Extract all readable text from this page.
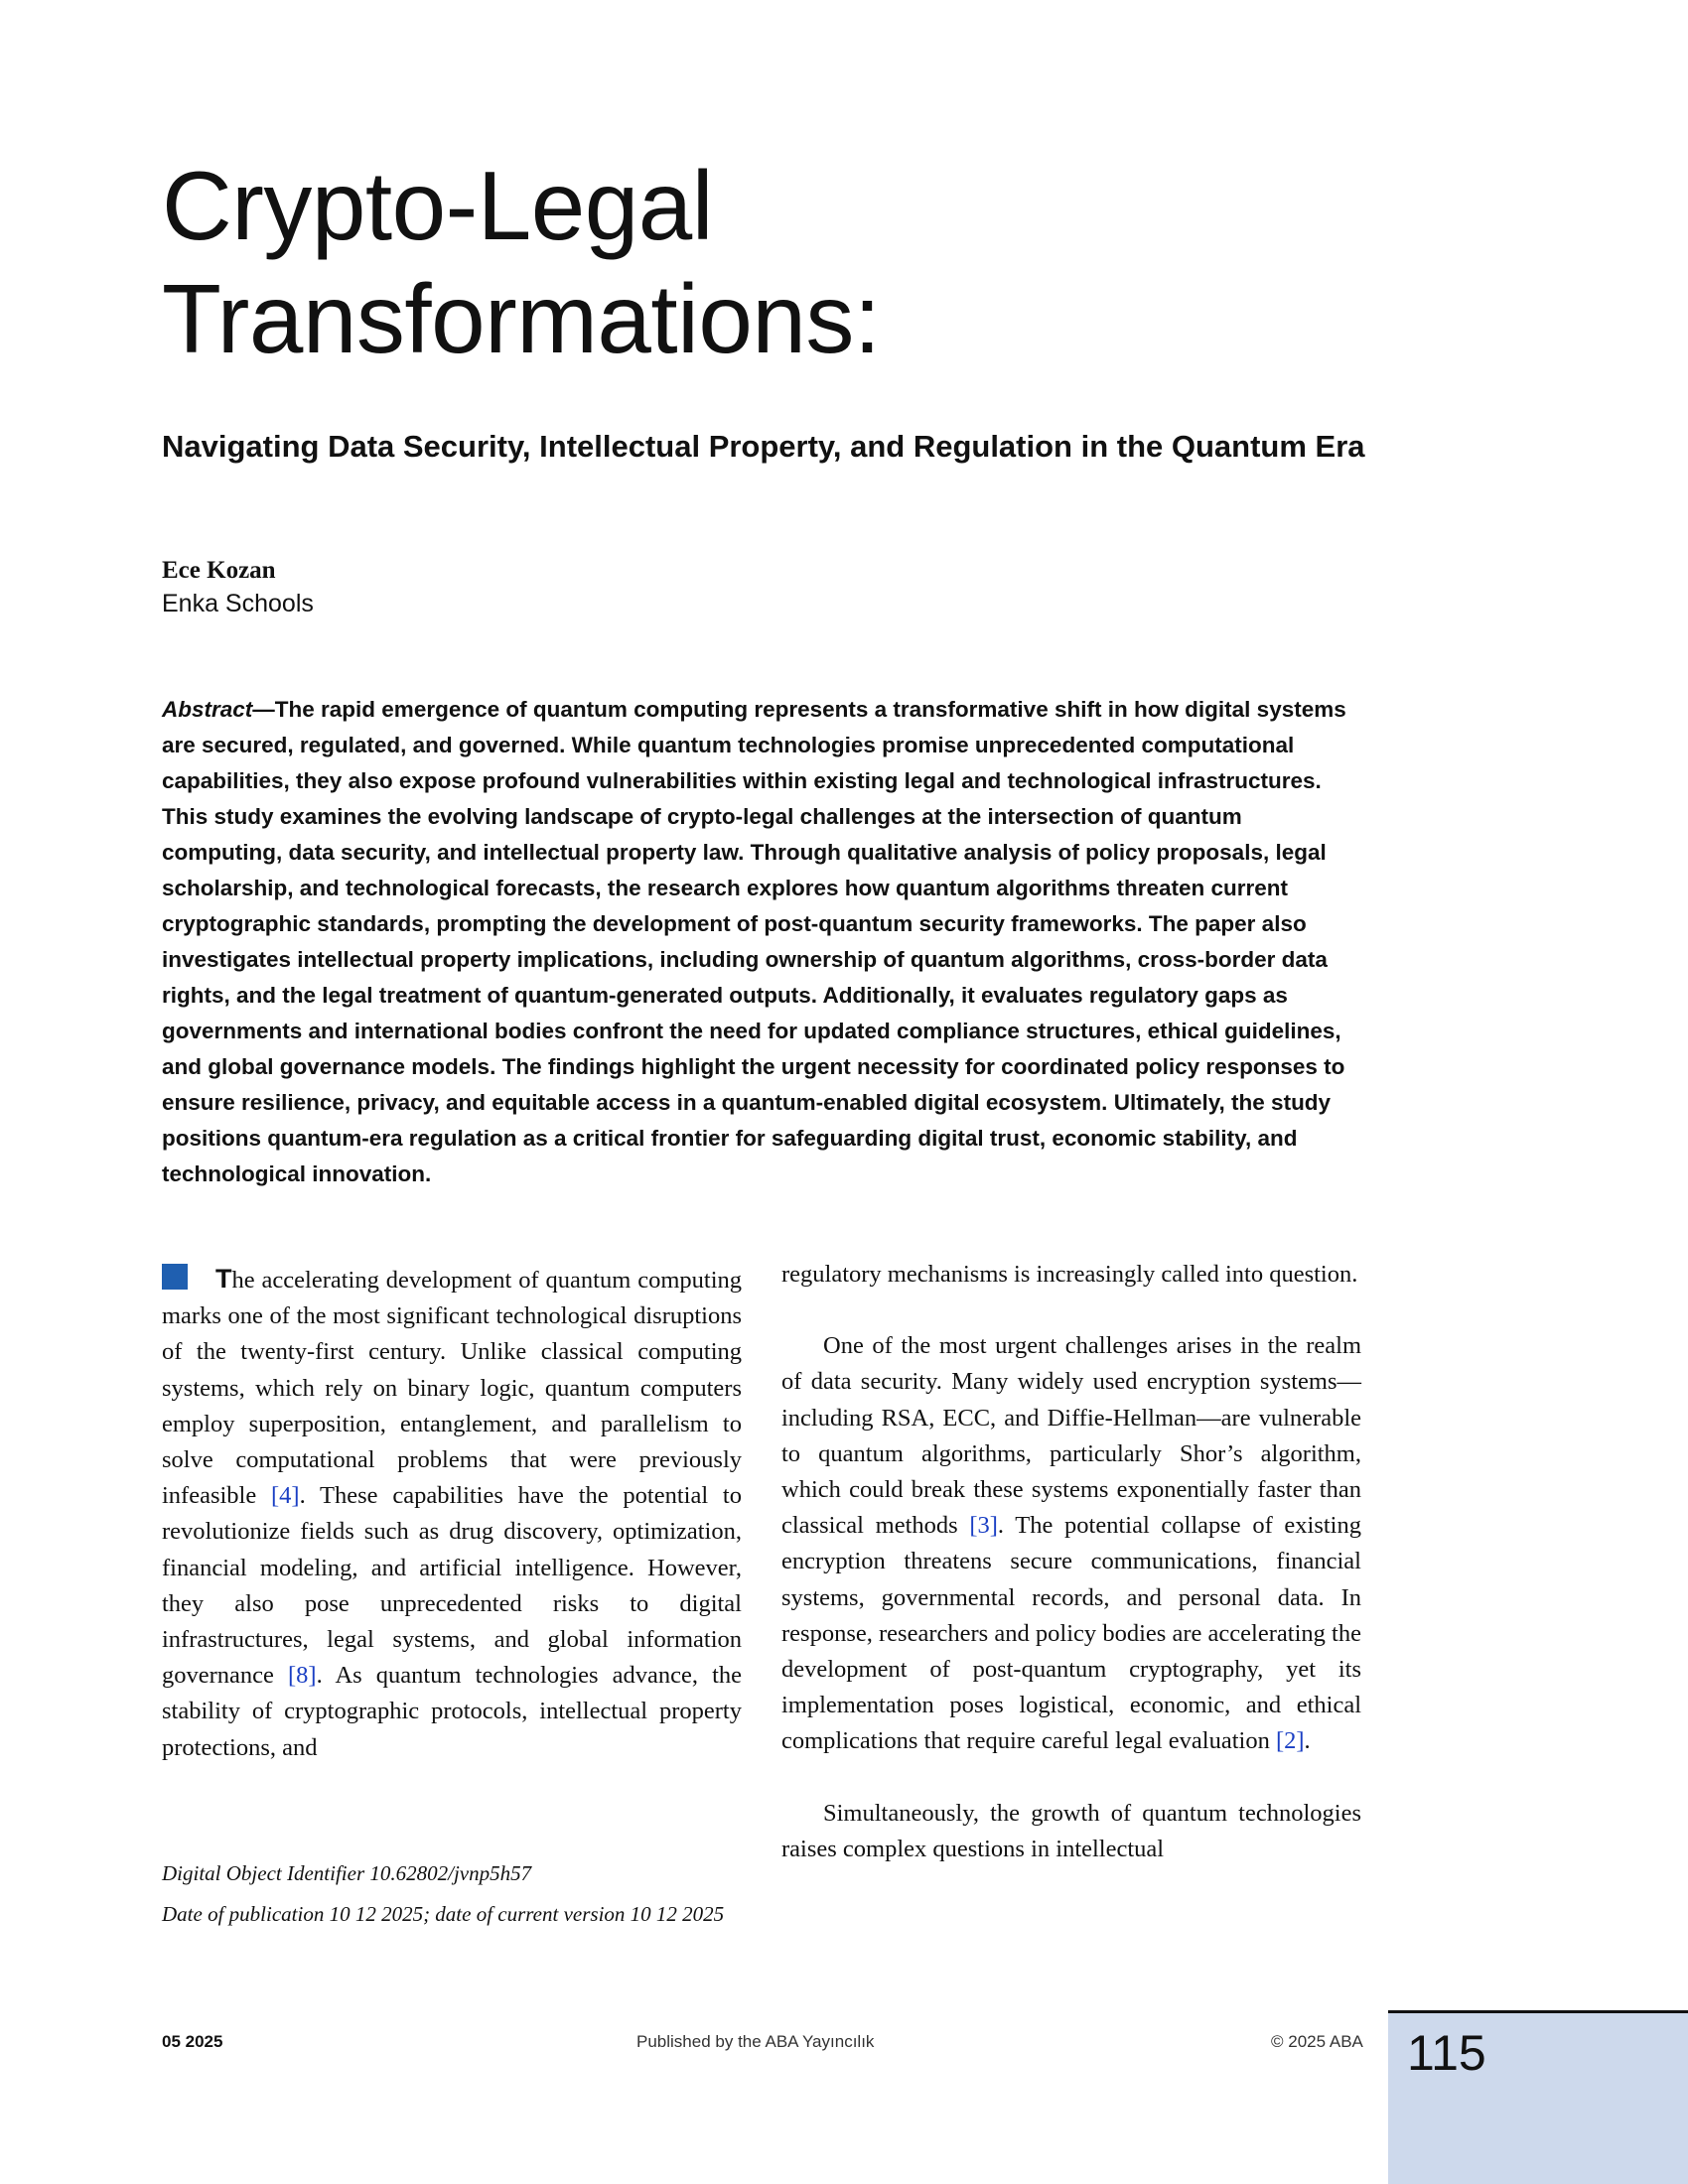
Crypto-Legal
Transformations:
Navigating Data Security, Intellectual Property, and Regulation in the Quantum Era
Ece Kozan
Enka Schools

Abstract—The rapid emergence of quantum computing represents a transformative shift in how digital systems are secured, regulated, and governed. While quantum technologies promise unprecedented computational capabilities, they also expose profound vulnerabilities within existing legal and technological infrastructures. This study examines the evolving landscape of crypto-legal challenges at the intersection of quantum computing, data security, and intellectual property law. Through qualitative analysis of policy proposals, legal scholarship, and technological forecasts, the research explores how quantum algorithms threaten current cryptographic standards, prompting the development of post-quantum security frameworks. The paper also investigates intellectual property implications, including ownership of quantum algorithms, cross-border data rights, and the legal treatment of quantum-generated outputs. Additionally, it evaluates regulatory gaps as governments and international bodies confront the need for updated compliance structures, ethical guidelines, and global governance models. The findings highlight the urgent necessity for coordinated policy responses to ensure resilience, privacy, and equitable access in a quantum-enabled digital ecosystem. Ultimately, the study positions quantum-era regulation as a critical frontier for safeguarding digital trust, economic stability, and technological innovation.

The accelerating development of quantum computing marks one of the most significant technological disruptions of the twenty-first century. Unlike classical computing systems, which rely on binary logic, quantum computers employ superposition, entanglement, and parallelism to solve computational problems that were previously infeasible [4]. These capabilities have the potential to revolutionize fields such as drug discovery, optimization, financial modeling, and artificial intelligence. However, they also pose unprecedented risks to digital infrastructures, legal systems, and global information governance [8]. As quantum technologies advance, the stability of cryptographic protocols, intellectual property protections, and

Digital Object Identifier 10.62802/jvnp5h57
Date of publication 10 12 2025; date of current version 10 12 2025

regulatory mechanisms is increasingly called into question.

One of the most urgent challenges arises in the realm of data security. Many widely used encryption systems—including RSA, ECC, and Diffie-Hellman—are vulnerable to quantum algorithms, particularly Shor’s algorithm, which could break these systems exponentially faster than classical methods [3]. The potential collapse of existing encryption threatens secure communications, financial systems, governmental records, and personal data. In response, researchers and policy bodies are accelerating the development of post-quantum cryptography, yet its implementation poses logistical, economic, and ethical complications that require careful legal evaluation [2].

Simultaneously, the growth of quantum technologies raises complex questions in intellectual

05 2025	Published by the ABA Yayıncılık	© 2025 ABA 115
